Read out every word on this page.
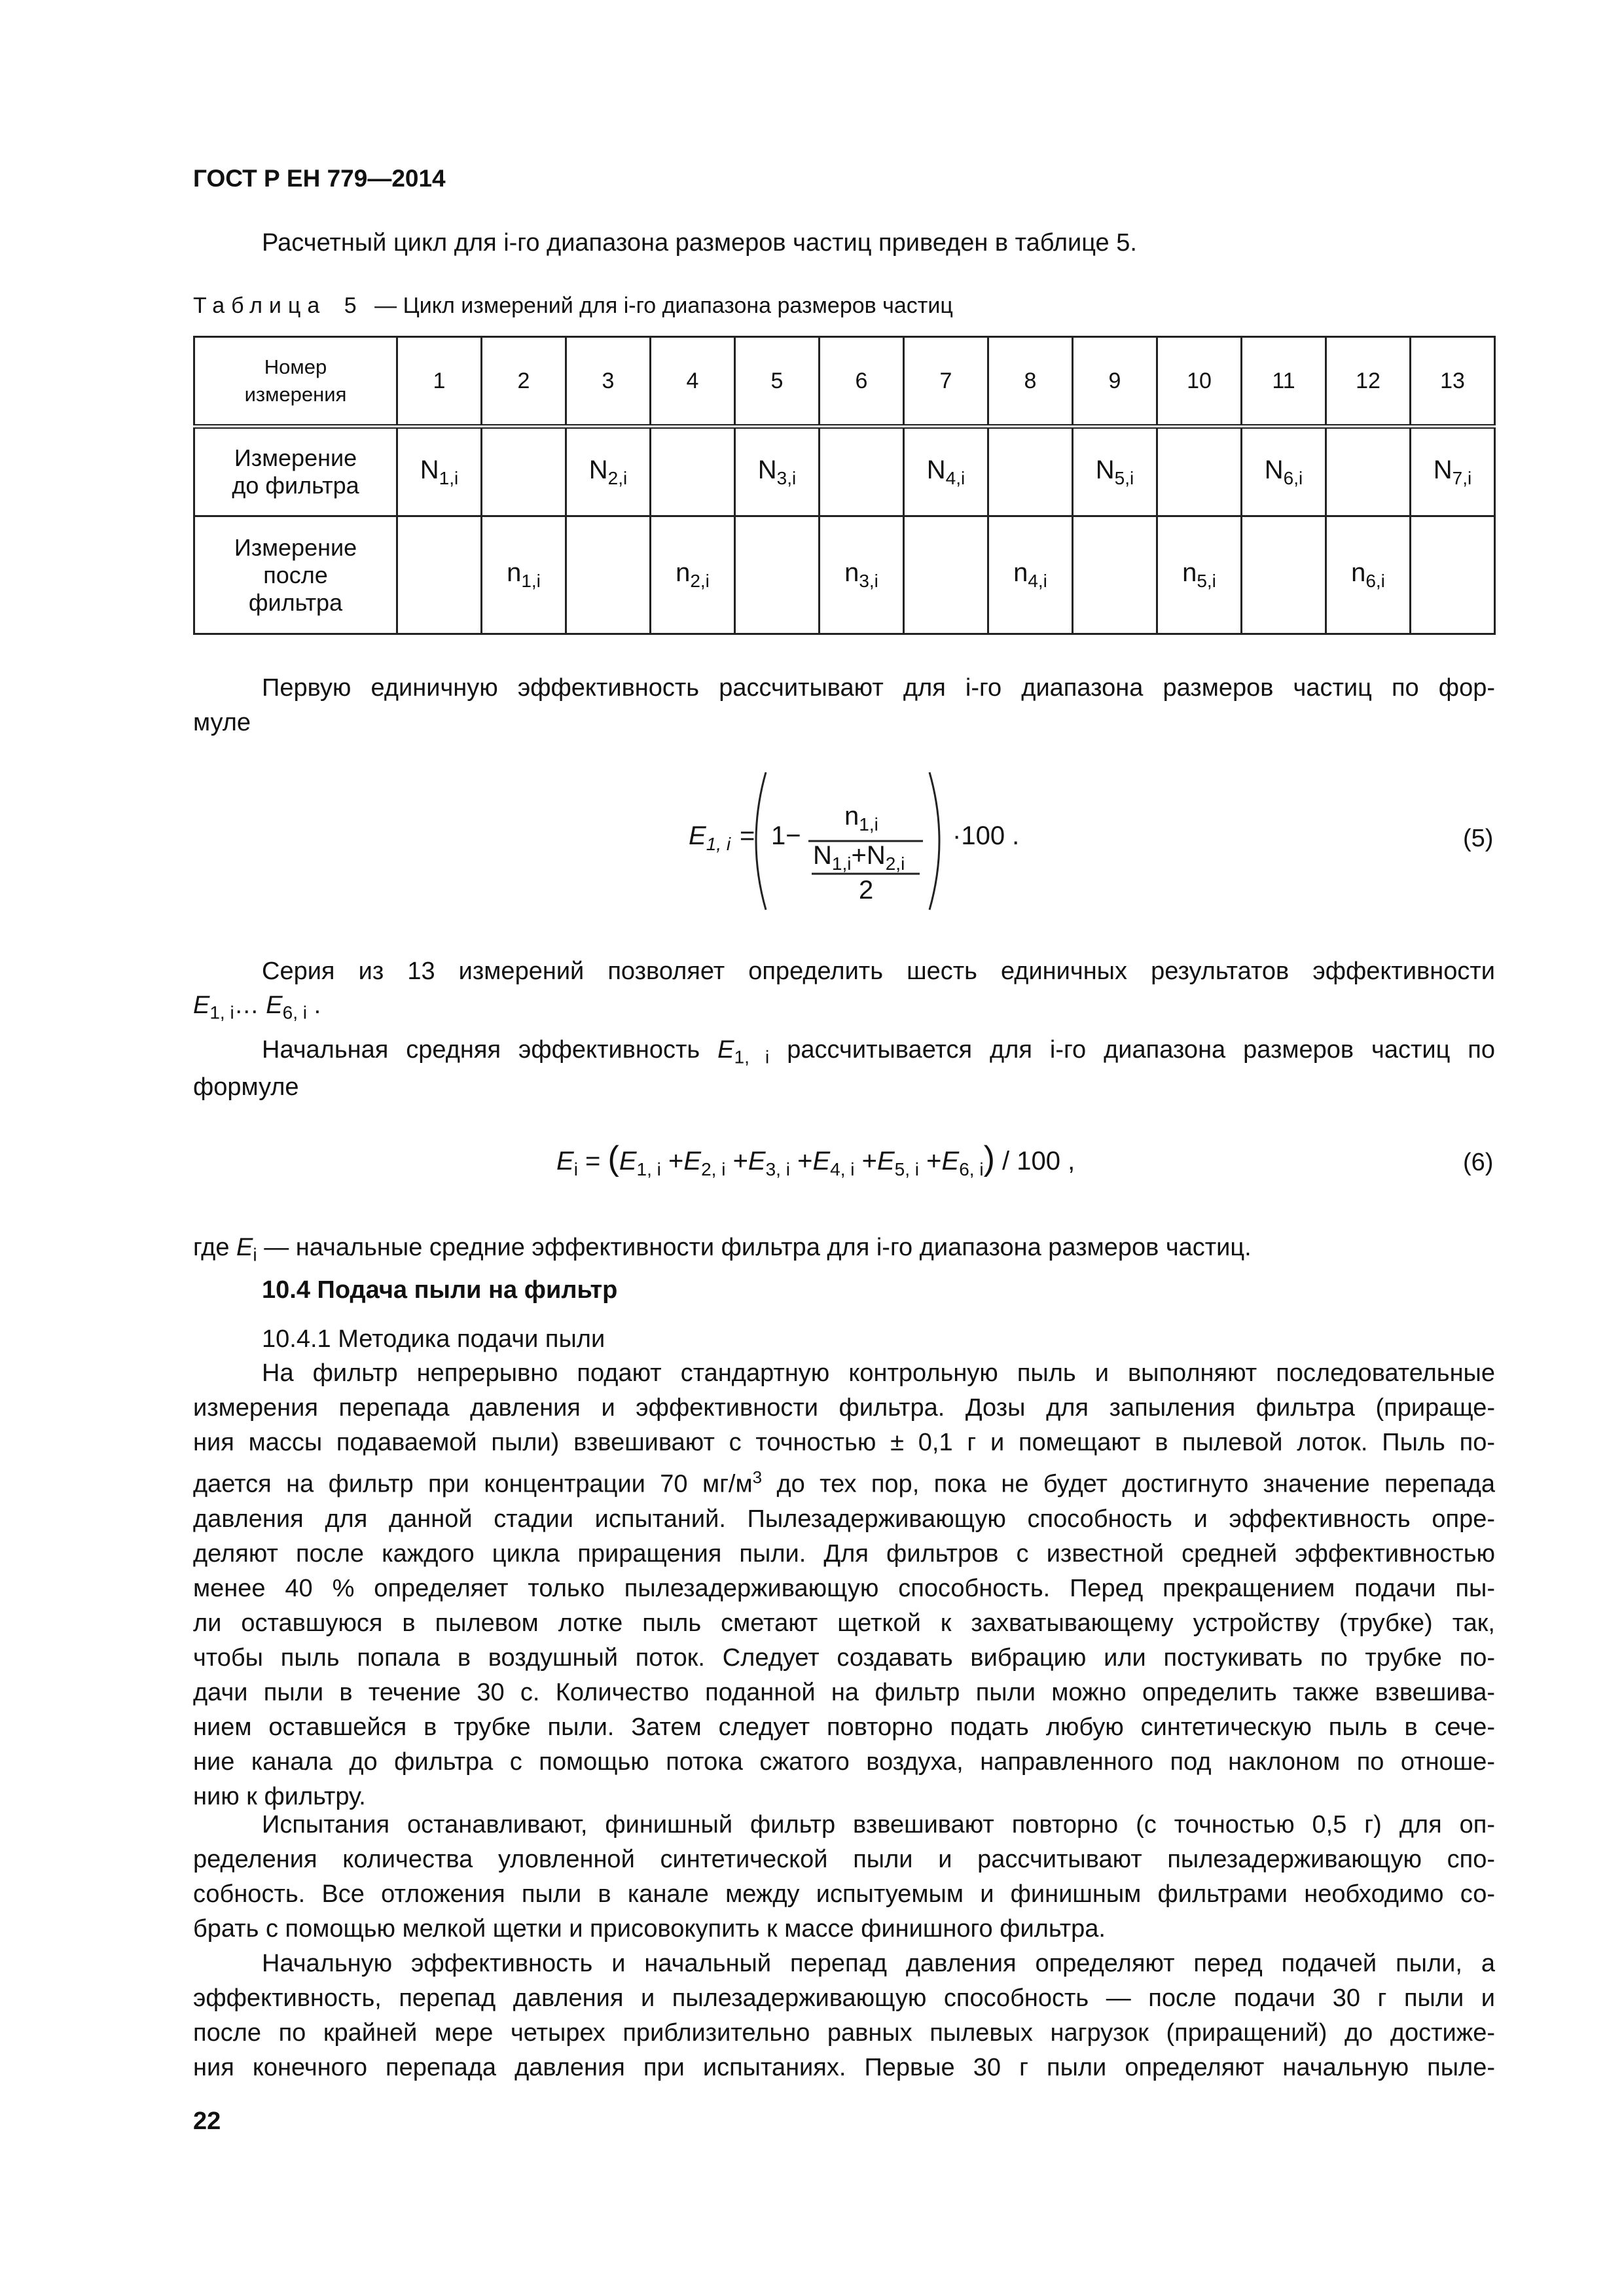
ГОСТ Р ЕН 779—2014
Расчетный цикл для i-го диапазона размеров частиц приведен в таблице 5.
Таблица 5 — Цикл измерений для i-го диапазона размеров частиц
Номер
измерения	1	2	3	4	5	6	7	8	9	10	11	12	13

Измерение
до фильтра	$N_{1,i}$		$N_{2,i}$		$N_{3,i}$		$N_{4,i}$		$N_{5,i}$		$N_{6,i}$		$N_{7,i}$

Измерение
после
фильтра		$n_{1,i}$		$n_{2,i}$		$n_{3,i}$		$n_{4,i}$		$n_{5,i}$		$n_{6,i}$	
Первую единичную эффективность рассчитывают для i-го диапазона размеров частиц по фор-
муле
$E_{1, i} = 1-$
$n_{1,i}$
$N_{1,i}+N_{2,i}$
2
·100 .	(5)
Серия из 13 измерений позволяет определить шесть единичных результатов эффективности
$E_{1, i}\dots$ $E_{6, i}$ .
Начальная средняя эффективность $E_{1, i}$ рассчитывается для i-го диапазона размеров частиц по
формуле
$E_i = (E_{1, i} +E_{2, i} +E_{3, i} +E_{4, i} +E_{5, i} +E_{6, i}) / 100$ ,	(6)
где $E_i$ — начальные средние эффективности фильтра для i-го диапазона размеров частиц.
10.4 Подача пыли на фильтр
10.4.1 Методика подачи пыли
На фильтр непрерывно подают стандартную контрольную пыль и выполняют последовательные
измерения перепада давления и эффективности фильтра. Дозы для запыления фильтра (прираще-
ния массы подаваемой пыли) взвешивают с точностью ± 0,1 г и помещают в пылевой лоток. Пыль по-
дается на фильтр при концентрации 70 $мг/м^3$ до тех пор, пока не будет достигнуто значение перепада
давления для данной стадии испытаний. Пылезадерживающую способность и эффективность опре-
деляют после каждого цикла приращения пыли. Для фильтров с известной средней эффективностью
менее 40 % определяет только пылезадерживающую способность. Перед прекращением подачи пы-
ли оставшуюся в пылевом лотке пыль сметают щеткой к захватывающему устройству (трубке) так,
чтобы пыль попала в воздушный поток. Следует создавать вибрацию или постукивать по трубке по-
дачи пыли в течение 30 с. Количество поданной на фильтр пыли можно определить также взвешива-
нием оставшейся в трубке пыли. Затем следует повторно подать любую синтетическую пыль в сече-
ние канала до фильтра с помощью потока сжатого воздуха, направленного под наклоном по отноше-
нию к фильтру.
Испытания останавливают, финишный фильтр взвешивают повторно (с точностью 0,5 г) для оп-
ределения количества уловленной синтетической пыли и рассчитывают пылезадерживающую спо-
собность. Все отложения пыли в канале между испытуемым и финишным фильтрами необходимо со-
брать с помощью мелкой щетки и присовокупить к массе финишного фильтра.
Начальную эффективность и начальный перепад давления определяют перед подачей пыли, а
эффективность, перепад давления и пылезадерживающую способность — после подачи 30 г пыли и
после по крайней мере четырех приблизительно равных пылевых нагрузок (приращений) до достиже-
ния конечного перепада давления при испытаниях. Первые 30 г пыли определяют начальную пыле-
22
